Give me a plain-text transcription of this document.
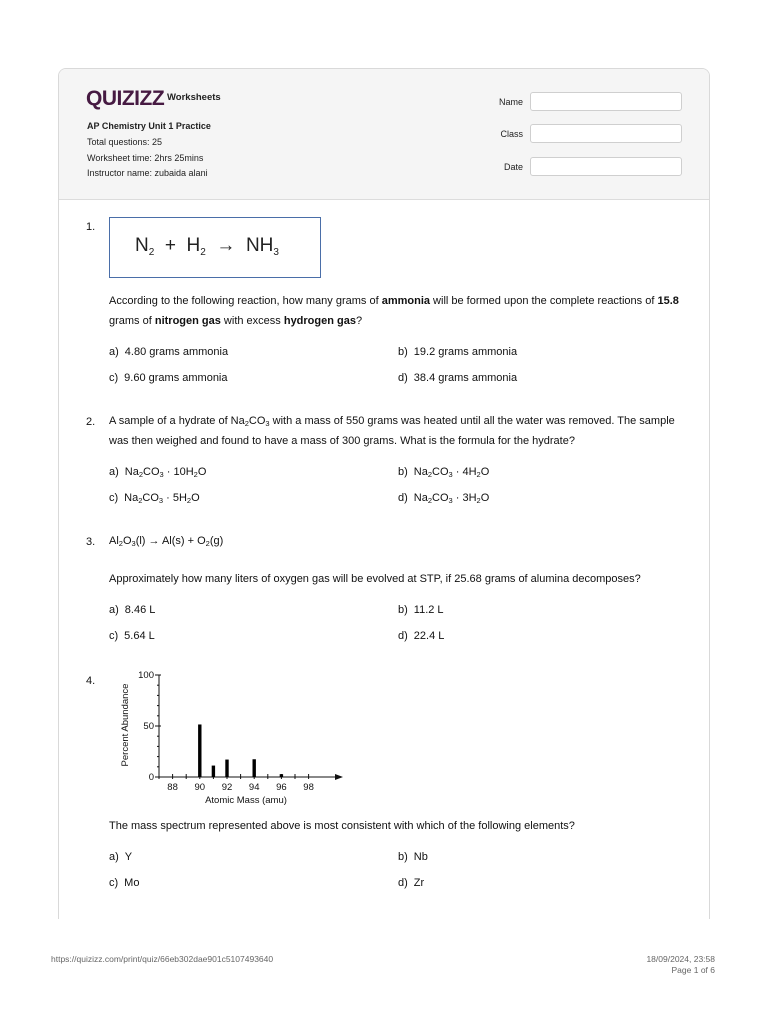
QUIZIZZ Worksheets
AP Chemistry Unit 1 Practice
Total questions: 25
Worksheet time: 2hrs 25mins
Instructor name: zubaida alani
Name
Class
Date
1.
$N_2 + H_2 \to NH_3$
According to the following reaction, how many grams of ammonia will be formed upon the complete reactions of 15.8 grams of nitrogen gas with excess hydrogen gas?
a) 4.80 grams ammonia	b) 19.2 grams ammonia
c) 9.60 grams ammonia	d) 38.4 grams ammonia
2. A sample of a hydrate of $Na_2CO_3$ with a mass of 550 grams was heated until all the water was removed. The sample was then weighed and found to have a mass of 300 grams. What is the formula for the hydrate?
a) $Na_2CO_3 \cdot 10H_2O$	b) $Na_2CO_3 \cdot 4H_2O$
c) $Na_2CO_3 \cdot 5H_2O$	d) $Na_2CO_3 \cdot 3H_2O$
3. $Al_2O_3(l) \to Al(s) + O_2(g)$
Approximately how many liters of oxygen gas will be evolved at STP, if 25.68 grams of alumina decomposes?
a) 8.46 L	b) 11.2 L
c) 5.64 L	d) 22.4 L
4.
0
50
100
88 90 92 94 96 98
Atomic Mass (amu)
Percent Abundance
The mass spectrum represented above is most consistent with which of the following elements?
a) Y	b) Nb
c) Mo	d) Zr
https://quizizz.com/print/quiz/66eb302dae901c5107493640	18/09/2024, 23:58
Page 1 of 6
